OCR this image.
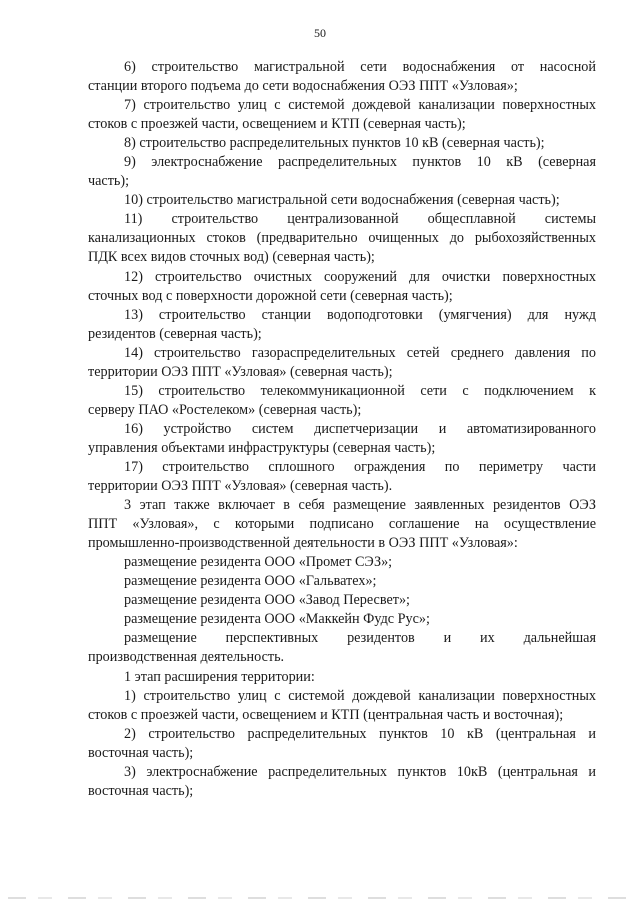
50
6) строительство магистральной сети водоснабжения от насосной
станции второго подъема до сети водоснабжения ОЭЗ ППТ «Узловая»;
7) строительство улиц с системой дождевой канализации поверхностных
стоков с проезжей части, освещением и КТП (северная часть);
8) строительство распределительных пунктов 10 кВ (северная часть);
9) электроснабжение распределительных пунктов 10 кВ (северная
часть);
10) строительство магистральной сети водоснабжения (северная часть);
11) строительство централизованной общесплавной системы
канализационных стоков (предварительно очищенных до рыбохозяйственных
ПДК всех видов сточных вод) (северная часть);
12) строительство очистных сооружений для очистки поверхностных
сточных вод с поверхности дорожной сети (северная часть);
13) строительство станции водоподготовки (умягчения) для нужд
резидентов (северная часть);
14) строительство газораспределительных сетей среднего давления по
территории ОЭЗ ППТ «Узловая» (северная часть);
15) строительство телекоммуникационной сети с подключением к
серверу ПАО «Ростелеком» (северная часть);
16) устройство систем диспетчеризации и автоматизированного
управления объектами инфраструктуры (северная часть);
17) строительство сплошного ограждения по периметру части
территории ОЭЗ ППТ «Узловая» (северная часть).
3 этап также включает в себя размещение заявленных резидентов ОЭЗ
ППТ «Узловая», с которыми подписано соглашение на осуществление
промышленно-производственной деятельности в ОЭЗ ППТ «Узловая»:
размещение резидента ООО «Промет СЭЗ»;
размещение резидента ООО «Гальватех»;
размещение резидента ООО «Завод Пересвет»;
размещение резидента ООО «Маккейн Фудс Рус»;
размещение перспективных резидентов и их дальнейшая
производственная деятельность.
1 этап расширения территории:
1) строительство улиц с системой дождевой канализации поверхностных
стоков с проезжей части, освещением и КТП (центральная часть и восточная);
2) строительство распределительных пунктов 10 кВ (центральная и
восточная часть);
3) электроснабжение распределительных пунктов 10кВ (центральная и
восточная часть);
